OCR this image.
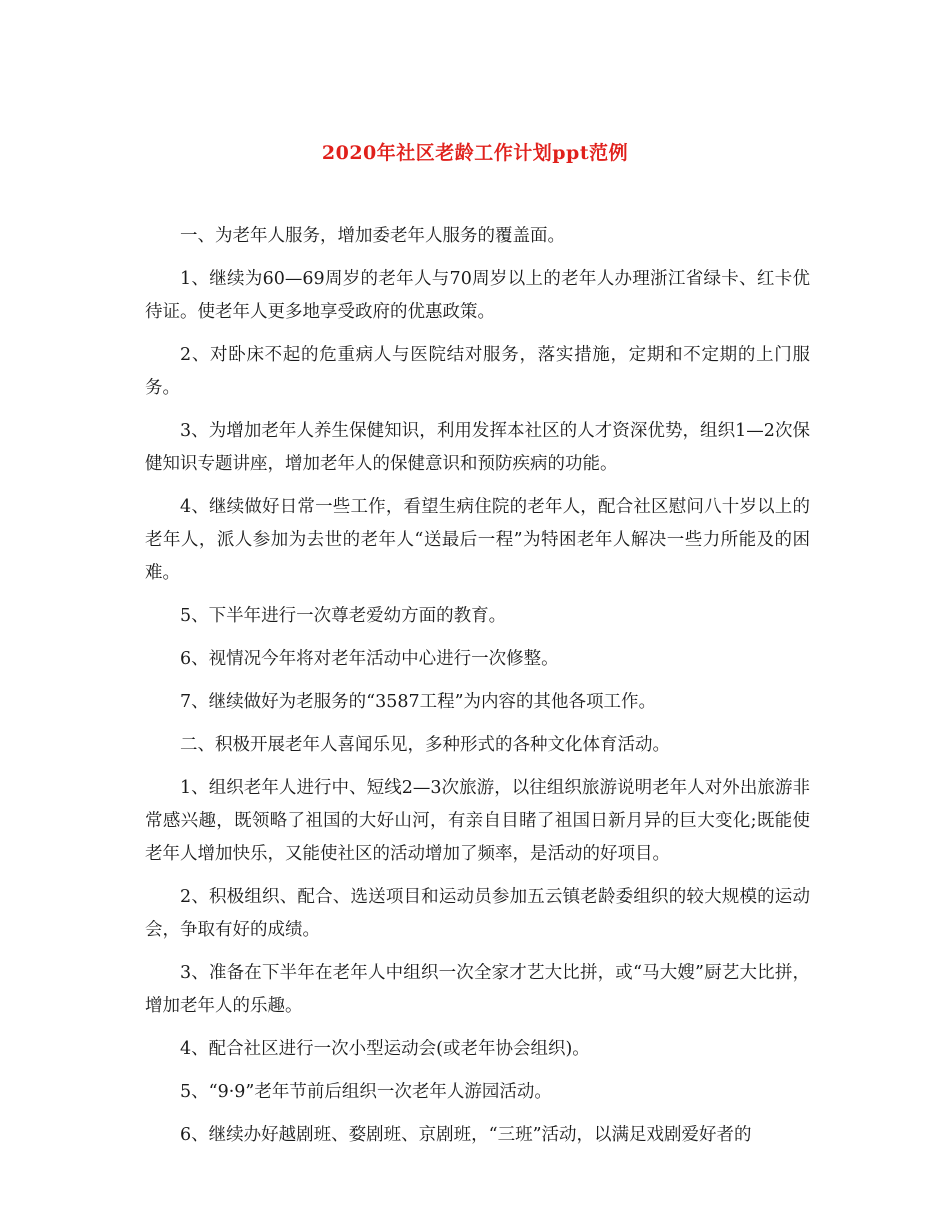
2020年社区老龄工作计划ppt范例

一、为老年人服务，增加委老年人服务的覆盖面。

1、继续为60—69周岁的老年人与70周岁以上的老年人办理浙江省绿卡、红卡优待证。使老年人更多地享受政府的优惠政策。

2、对卧床不起的危重病人与医院结对服务，落实措施，定期和不定期的上门服务。

3、为增加老年人养生保健知识，利用发挥本社区的人才资深优势，组织1—2次保健知识专题讲座，增加老年人的保健意识和预防疾病的功能。

4、继续做好日常一些工作，看望生病住院的老年人，配合社区慰问八十岁以上的老年人，派人参加为去世的老年人“送最后一程”为特困老年人解决一些力所能及的困难。

5、下半年进行一次尊老爱幼方面的教育。

6、视情况今年将对老年活动中心进行一次修整。

7、继续做好为老服务的“3587工程”为内容的其他各项工作。

二、积极开展老年人喜闻乐见，多种形式的各种文化体育活动。

1、组织老年人进行中、短线2—3次旅游，以往组织旅游说明老年人对外出旅游非常感兴趣，既领略了祖国的大好山河，有亲自目睹了祖国日新月异的巨大变化;既能使老年人增加快乐，又能使社区的活动增加了频率，是活动的好项目。

2、积极组织、配合、选送项目和运动员参加五云镇老龄委组织的较大规模的运动会，争取有好的成绩。

3、准备在下半年在老年人中组织一次全家才艺大比拼，或“马大嫂”厨艺大比拼，增加老年人的乐趣。

4、配合社区进行一次小型运动会(或老年协会组织)。

5、“9·9”老年节前后组织一次老年人游园活动。

6、继续办好越剧班、婺剧班、京剧班，“三班”活动，以满足戏剧爱好者的
